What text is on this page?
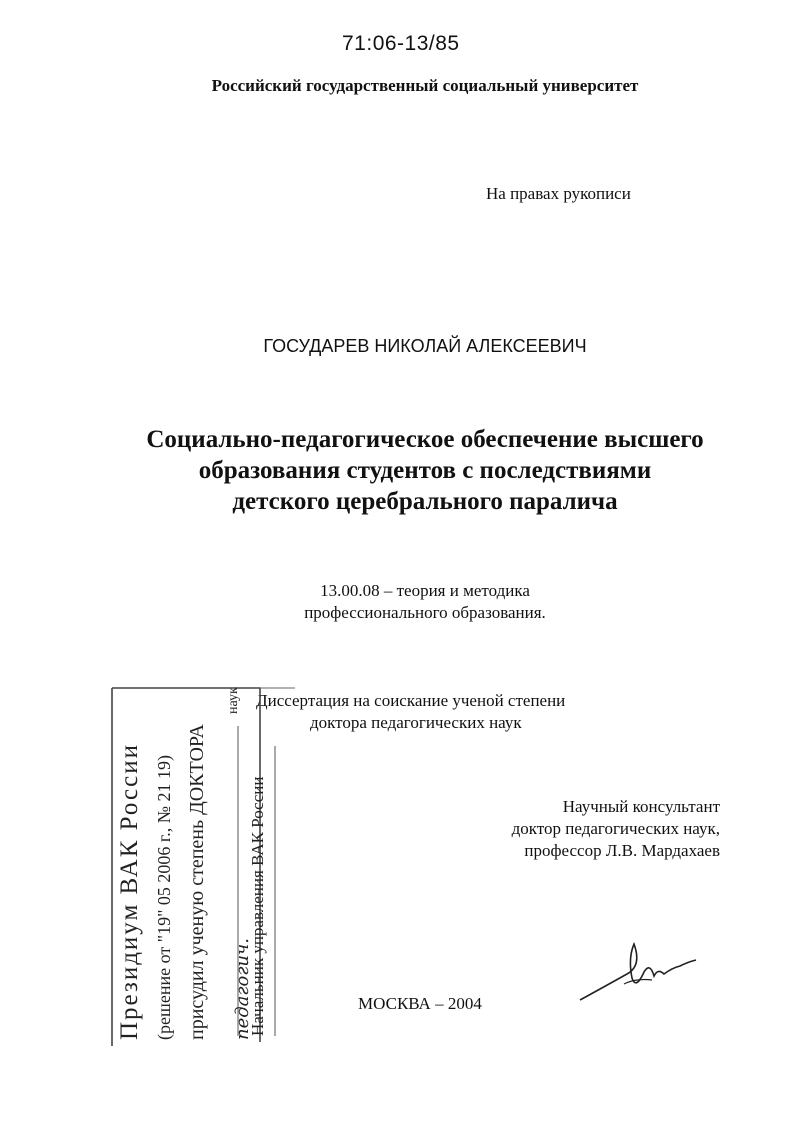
71:06-13/85
Российский государственный социальный университет
На правах рукописи
ГОСУДАРЕВ НИКОЛАЙ АЛЕКСЕЕВИЧ
Социально-педагогическое обеспечение высшего
образования студентов с последствиями
детского церебрального паралича
13.00.08 – теория и методика
профессионального образования.
Диссертация на соискание ученой степени
доктора педагогических наук
Научный консультант
доктор педагогических наук,
профессор Л.В. Мардахаев
МОСКВА – 2004
Президиум ВАК России (решение от "19" 05 2006 г., № 21 19) присудил ученую степень ДОКТОРА педагогич.
наук
Начальник управления ВАК России
